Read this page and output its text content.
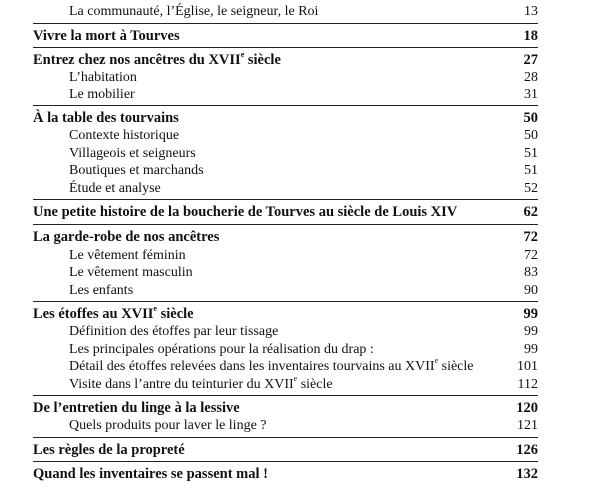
La communauté, l’Église, le seigneur, le Roi	13
Vivre la mort à Tourves	18
Entrez chez nos ancêtres du XVIIe siècle	27
L’habitation	28
Le mobilier	31
À la table des tourvains	50
Contexte historique	50
Villageois et seigneurs	51
Boutiques et marchands	51
Étude et analyse	52
Une petite histoire de la boucherie de Tourves au siècle de Louis XIV	62
La garde-robe de nos ancêtres	72
Le vêtement féminin	72
Le vêtement masculin	83
Les enfants	90
Les étoffes au XVIIe siècle	99
Définition des étoffes par leur tissage	99
Les principales opérations pour la réalisation du drap :	99
Détail des étoffes relevées dans les inventaires tourvains au XVIIe siècle	101
Visite dans l’antre du teinturier du XVIIe siècle	112
De l’entretien du linge à la lessive	120
Quels produits pour laver le linge ?	121
Les règles de la propreté	126
Quand les inventaires se passent mal !	132
